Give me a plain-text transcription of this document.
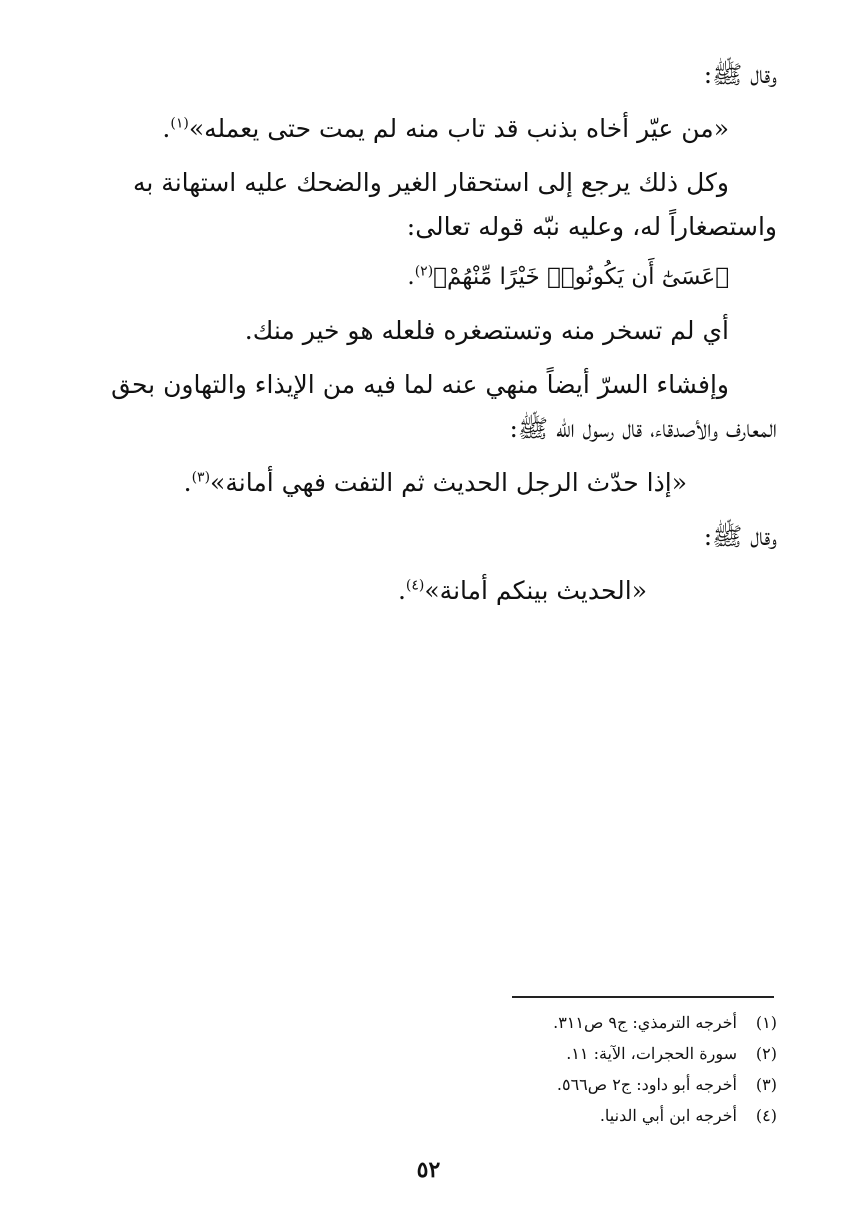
وقال ﷺ:
«من عيّر أخاه بذنب قد تاب منه لم يمت حتى يعمله»$^{(١)}$.
وكل ذلك يرجع إلى استحقار الغير والضحك عليه استهانة به
واستصغاراً له، وعليه نبّه قوله تعالى:
﴿عَسَىٰٓ أَن يَكُونُوا۟ خَيْرًا مِّنْهُمْ﴾$^{(٢)}$.
أي لم تسخر منه وتستصغره فلعله هو خير منك.
وإفشاء السرّ أيضاً منهي عنه لما فيه من الإيذاء والتهاون بحق
المعارف والأصدقاء، قال رسول الله ﷺ:
«إذا حدّث الرجل الحديث ثم التفت فهي أمانة»$^{(٣)}$.
وقال ﷺ:
«الحديث بينكم أمانة»$^{(٤)}$.
(١)أخرجه الترمذي: ج٩ ص٣١١.
(٢)سورة الحجرات، الآية: ١١.
(٣)أخرجه أبو داود: ج٢ ص٥٦٦.
(٤)أخرجه ابن أبي الدنيا.
٥٢
